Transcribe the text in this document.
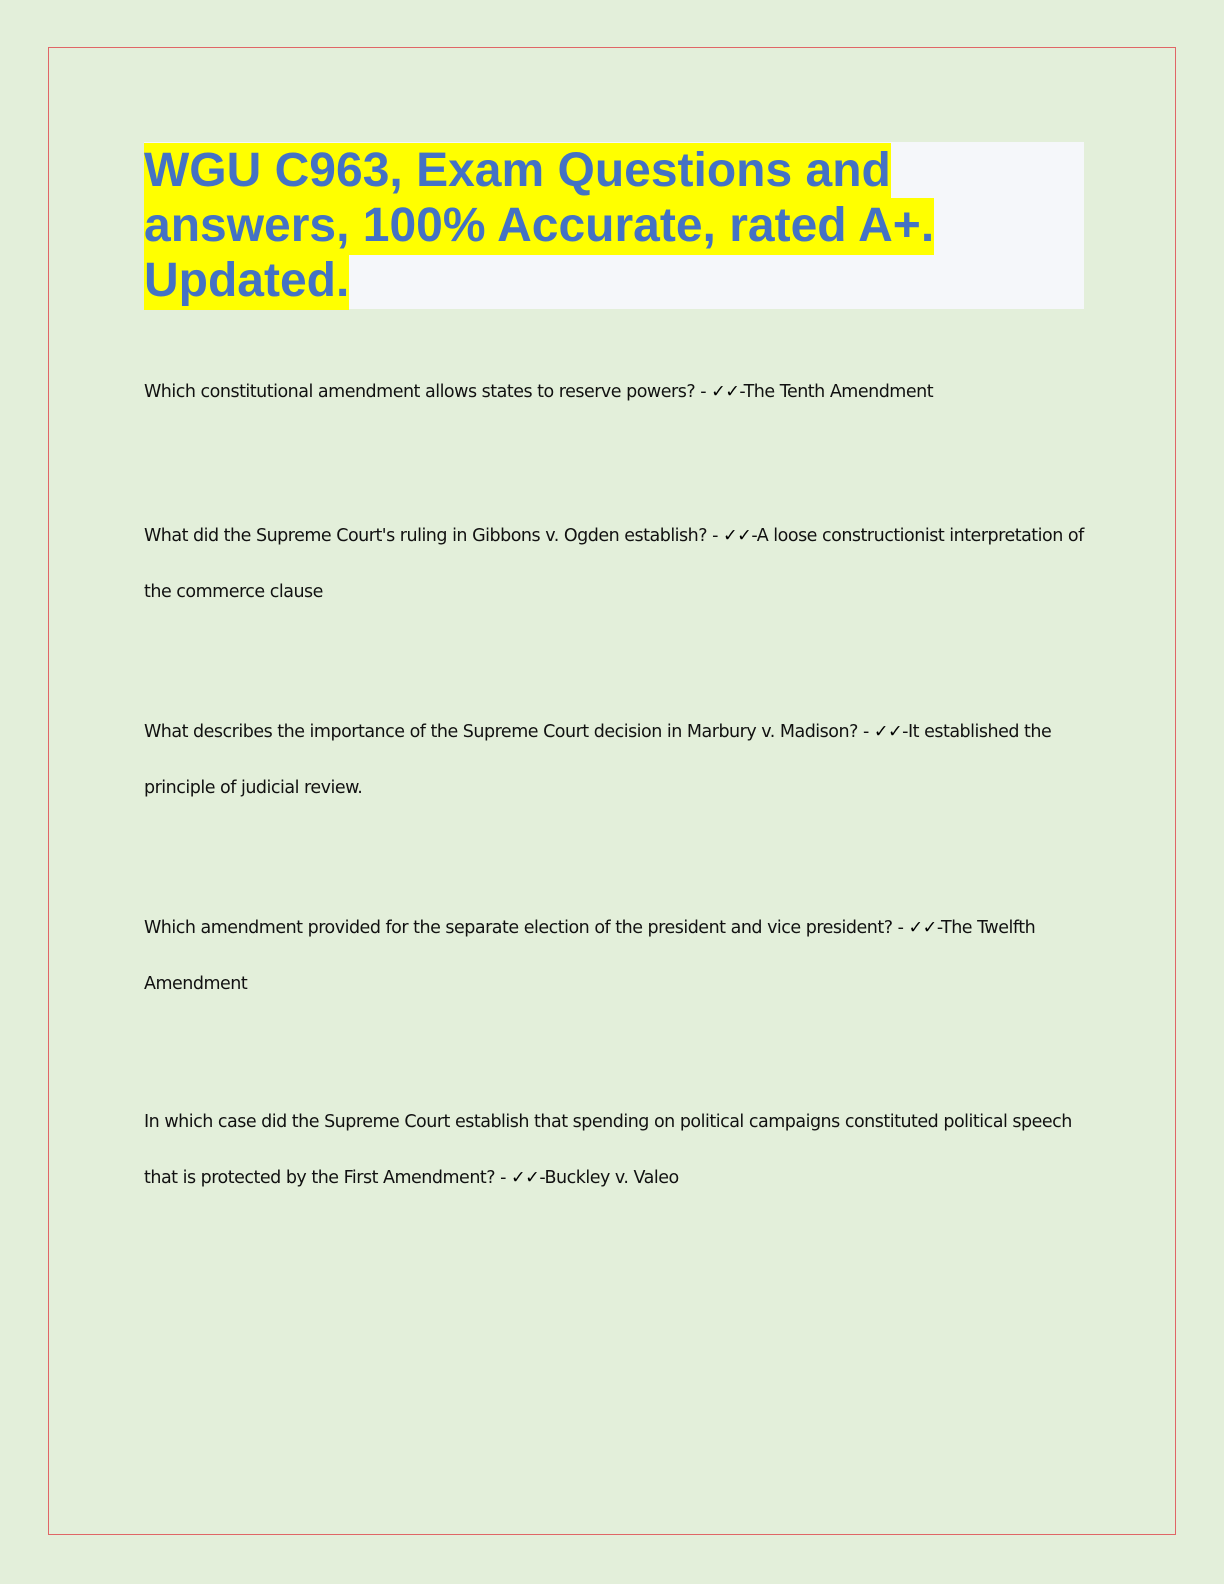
WGU C963, Exam Questions and answers, 100% Accurate, rated A+. Updated.

Which constitutional amendment allows states to reserve powers? - ✓✓-The Tenth Amendment

What did the Supreme Court's ruling in Gibbons v. Ogden establish? - ✓✓-A loose constructionist interpretation of the commerce clause

What describes the importance of the Supreme Court decision in Marbury v. Madison? - ✓✓-It established the principle of judicial review.

Which amendment provided for the separate election of the president and vice president? - ✓✓-The Twelfth Amendment

In which case did the Supreme Court establish that spending on political campaigns constituted political speech that is protected by the First Amendment? - ✓✓-Buckley v. Valeo
